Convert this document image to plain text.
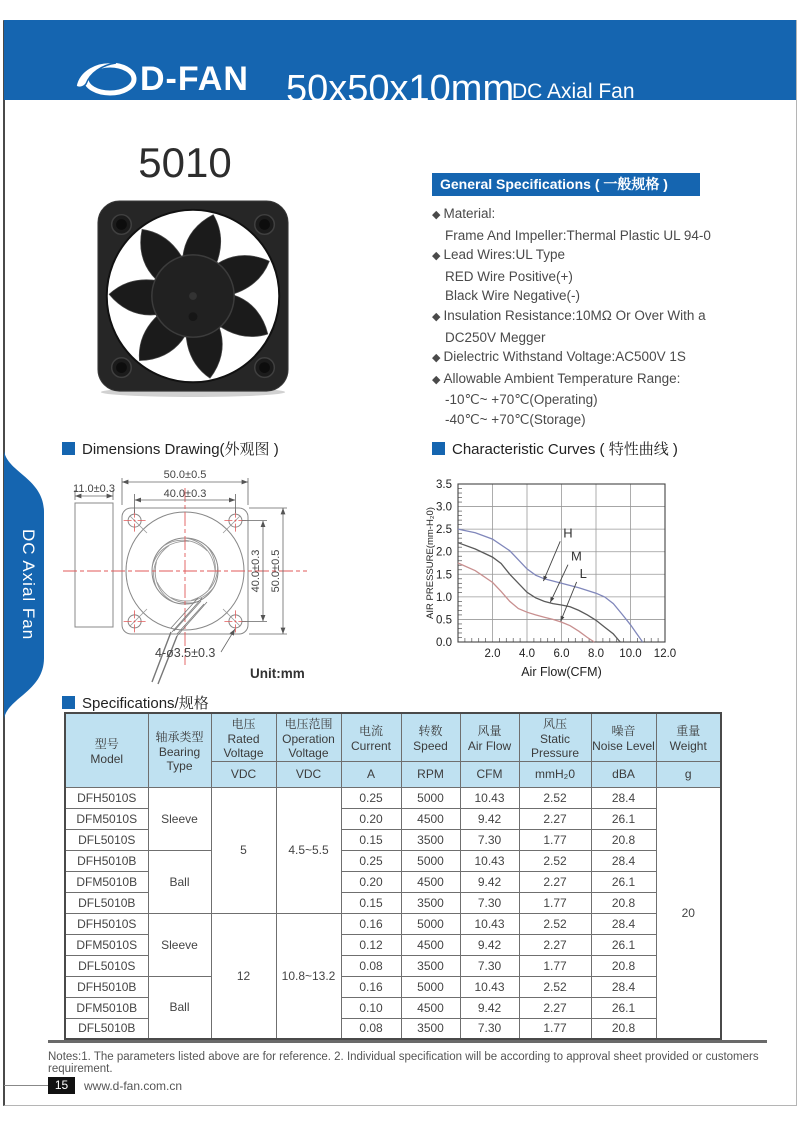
D-FAN 50x50x10mm
DC Axial Fan
DC Axial Fan
5010	General Specifications ( 一般规格 )
◆ Material:
Frame And Impeller:Thermal Plastic UL 94-0
◆ Lead Wires:UL Type
RED Wire Positive(+)
Black Wire Negative(-)
◆ Insulation Resistance:10MΩ Or Over With a
DC250V Megger
◆ Dielectric Withstand Voltage:AC500V 1S
◆ Allowable Ambient Temperature Range:
-10℃~ +70℃(Operating)
-40℃~ +70℃(Storage)
Dimensions Drawing(外观图 )	Characteristic Curves ( 特性曲线 )
Specifications/规格
11.0±0.3
50.0±0.5
40.0±0.3
40.0±0.3 50.0±0.5
4-ø3.5±0.3
Unit:mm
0.0
0.5
1.0
1.5
2.0
2.5
3.0
3.5
2.0 4.0 6.0 8.0 10.0 12.0
AIR PRESSURE(mm-H₂0)
Air Flow(CFM)
H
M
L
型号
Model

轴承类型
Bearing Type

电压
Rated Voltage

电压范围
Operation Voltage

电流
Current

转数
Speed

风量
Air Flow

风压
Static Pressure

噪音
Noise Level

重量
Weight

		VDC	VDC	A	RPM	CFM	mmH₂0	dBA	g
DFH5010S	Sleeve	5	4.5~5.5	0.25	5000	10.43	2.52	28.4	20
DFM5010S				0.20	4500	9.42	2.27	26.1	
DFL5010S				0.15	3500	7.30	1.77	20.8	
DFH5010B	Ball			0.25	5000	10.43	2.52	28.4	
DFM5010B				0.20	4500	9.42	2.27	26.1	
DFL5010B				0.15	3500	7.30	1.77	20.8	
DFH5010S	Sleeve	12	10.8~13.2	0.16	5000	10.43	2.52	28.4	
DFM5010S				0.12	4500	9.42	2.27	26.1	
DFL5010S				0.08	3500	7.30	1.77	20.8	
DFH5010B	Ball			0.16	5000	10.43	2.52	28.4	
DFM5010B				0.10	4500	9.42	2.27	26.1	
DFL5010B				0.08	3500	7.30	1.77	20.8	
Notes:1. The parameters listed above are for reference. 2. Individual specification will be according to approval sheet provided or customers requirement.
15	www.d-fan.com.cn
